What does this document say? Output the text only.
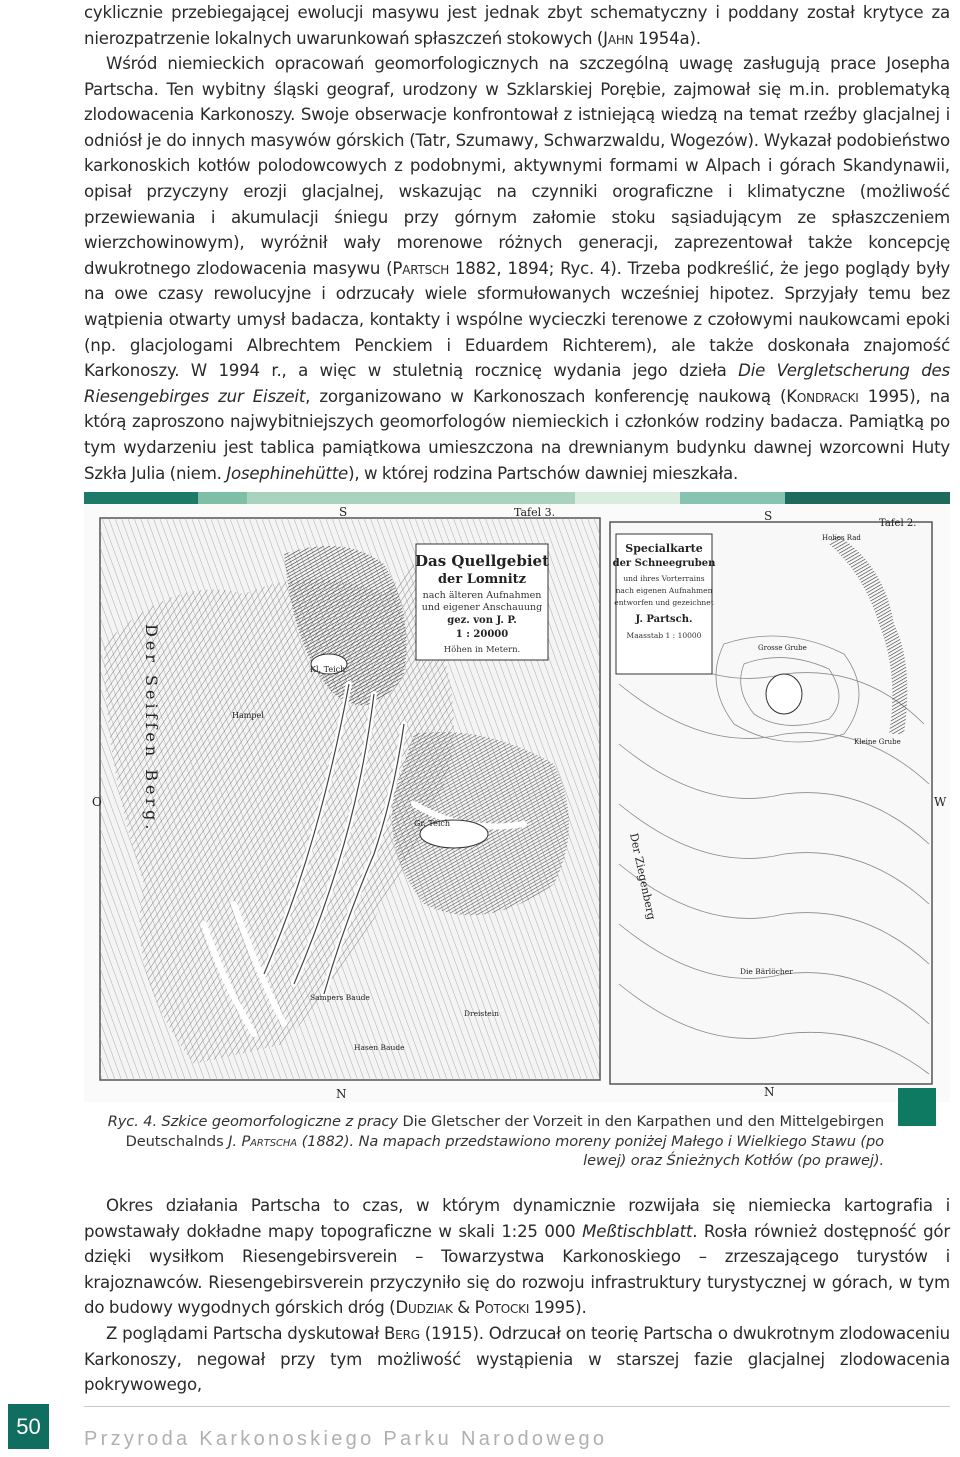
cyklicznie przebiegającej ewolucji masywu jest jednak zbyt schematyczny i poddany został krytyce za nierozpatrzenie lokalnych uwarunkowań spłaszczeń stokowych (Jahn 1954a).

Wśród niemieckich opracowań geomorfologicznych na szczególną uwagę zasługują prace Josepha Partscha. Ten wybitny śląski geograf, urodzony w Szklarskiej Porębie, zajmował się m.in. problematyką zlodowacenia Karkonoszy. Swoje obserwacje konfrontował z istniejącą wiedzą na temat rzeźby glacjalnej i odniósł je do innych masywów górskich (Tatr, Szumawy, Schwarzwaldu, Wogezów). Wykazał podobieństwo karkonoskich kotłów polodowcowych z podobnymi, aktywnymi formami w Alpach i górach Skandynawii, opisał przyczyny erozji glacjalnej, wskazując na czynniki orograficzne i klimatyczne (możliwość przewiewania i akumulacji śniegu przy górnym załomie stoku sąsiadującym ze spłaszczeniem wierzchowinowym), wyróżnił wały morenowe różnych generacji, zaprezentował także koncepcję dwukrotnego zlodowacenia masywu (Partsch 1882, 1894; Ryc. 4). Trzeba podkreślić, że jego poglądy były na owe czasy rewolucyjne i odrzucały wiele sformułowanych wcześniej hipotez. Sprzyjały temu bez wątpienia otwarty umysł badacza, kontakty i wspólne wycieczki terenowe z czołowymi naukowcami epoki (np. glacjologami Albrechtem Penckiem i Eduardem Richterem), ale także doskonała znajomość Karkonoszy. W 1994 r., a więc w stuletnią rocznicę wydania jego dzieła Die Vergletscherung des Riesengebirges zur Eiszeit, zorganizowano w Karkonoszach konferencję naukową (Kondracki 1995), na którą zaproszono najwybitniejszych geomorfologów niemieckich i członków rodziny badacza. Pamiątką po tym wydarzeniu jest tablica pamiątkowa umieszczona na drewnianym budynku dawnej wzorcowni Huty Szkła Julia (niem. Josephinehütte), w której rodzina Partschów dawniej mieszkała.

Das Quellgebiet
der Lomnitz
nach älteren Aufnahmen
und eigener Anschauung
gez. von J. P.
1 : 20000
Höhen in Metern.
S	Tafel 3.
N
O	Der Seiffen Berg.	Kl. Teich
Gr. Teich
Hampel
Sampers Baude
Hasen Baude
Dreistein
Specialkarte
der Schneegruben
und ihres Vorterrains
nach eigenen Aufnahmen
entworfen und gezeichnet
J. Partsch.
Maasstab 1 : 10000
S
Tafel 2.
N
W
Grosse Grube
Kleine Grube
Hohes Rad
Der Ziegenberg
Die Bärlöcher

Ryc. 4. Szkice geomorfologiczne z pracy Die Gletscher der Vorzeit in den Karpathen und den Mittelgebirgen Deutschalnds J. Partscha (1882). Na mapach przedstawiono moreny poniżej Małego i Wielkiego Stawu (po lewej) oraz Śnieżnych Kotłów (po prawej).

Okres działania Partscha to czas, w którym dynamicznie rozwijała się niemiecka kartografia i powstawały dokładne mapy topograficzne w skali 1:25 000 Meßtischblatt. Rosła również dostępność gór dzięki wysiłkom Riesengebirsverein – Towarzystwa Karkonoskiego – zrzeszającego turystów i krajoznawców. Riesengebirsverein przyczyniło się do rozwoju infrastruktury turystycznej w górach, w tym do budowy wygodnych górskich dróg (Dudziak & Potocki 1995).

Z poglądami Partscha dyskutował Berg (1915). Odrzucał on teorię Partscha o dwukrotnym zlodowaceniu Karkonoszy, negował przy tym możliwość wystąpienia w starszej fazie glacjalnej zlodowacenia pokrywowego,

50	Przyroda Karkonoskiego Parku Narodowego
